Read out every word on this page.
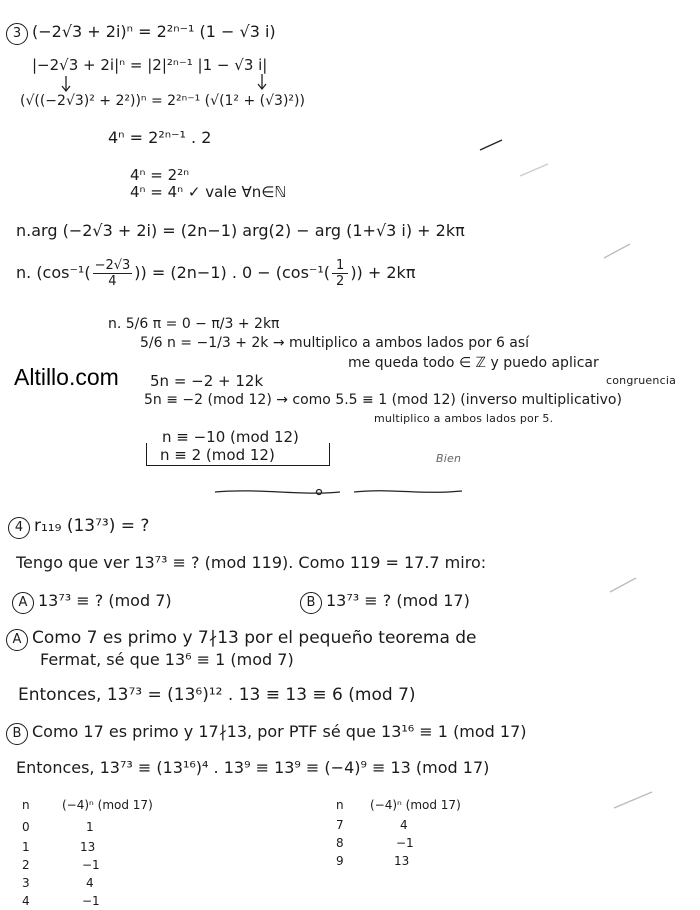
Altillo.com
3 (−2√3 + 2i)ⁿ = 2²ⁿ⁻¹ (1 − √3 i)
|−2√3 + 2i|ⁿ = |2|²ⁿ⁻¹ |1 − √3 i|
(√((−2√3)² + 2²))ⁿ = 2²ⁿ⁻¹ (√(1² + (√3)²))
4ⁿ = 2²ⁿ⁻¹ . 2
4ⁿ = 2²ⁿ
4ⁿ = 4ⁿ ✓ vale ∀n∈ℕ
n.arg (−2√3 + 2i) = (2n−1) arg(2) − arg (1+√3 i) + 2kπ
n. ($\cos^{-1}( \frac{-2√3}{4}$ )) = (2n−1) . $0 - (\cos^{-1}( \frac{1}{2}$ )) + 2kπ
n. 5/6 π = 0 − π/3 + 2kπ
5/6 n = −1/3 + 2k → multiplico a ambos lados por 6 así
me queda todo ∈ ℤ y puedo aplicar
congruencia
5n = −2 + 12k
5n ≡ −2 (mod 12) → como 5.5 ≡ 1 (mod 12) (inverso multiplicativo)
multiplico a ambos lados por 5.
n ≡ −10 (mod 12)
n ≡ 2 (mod 12)	Bien
4 r₁₁₉ (13⁷³) = ?
Tengo que ver 13⁷³ ≡ ? (mod 119). Como 119 = 17.7 miro:
A 13⁷³ ≡ ? (mod 7)	B 13⁷³ ≡ ? (mod 17)
A Como 7 es primo y 7∤13 por el pequeño teorema de
Fermat, sé que 13⁶ ≡ 1 (mod 7)
Entonces, 13⁷³ = (13⁶)¹² . 13 ≡ 13 ≡ 6 (mod 7)
B Como 17 es primo y 17∤13, por PTF sé que 13¹⁶ ≡ 1 (mod 17)
Entonces, 13⁷³ ≡ (13¹⁶)⁴ . 13⁹ ≡ 13⁹ ≡ (−4)⁹ ≡ 13 (mod 17)
n	(−4)ⁿ (mod 17)
0	1
1	13
2	−1
3	4
4	−1
n (−4)ⁿ (mod 17)
7	4
8	−1
9	13
